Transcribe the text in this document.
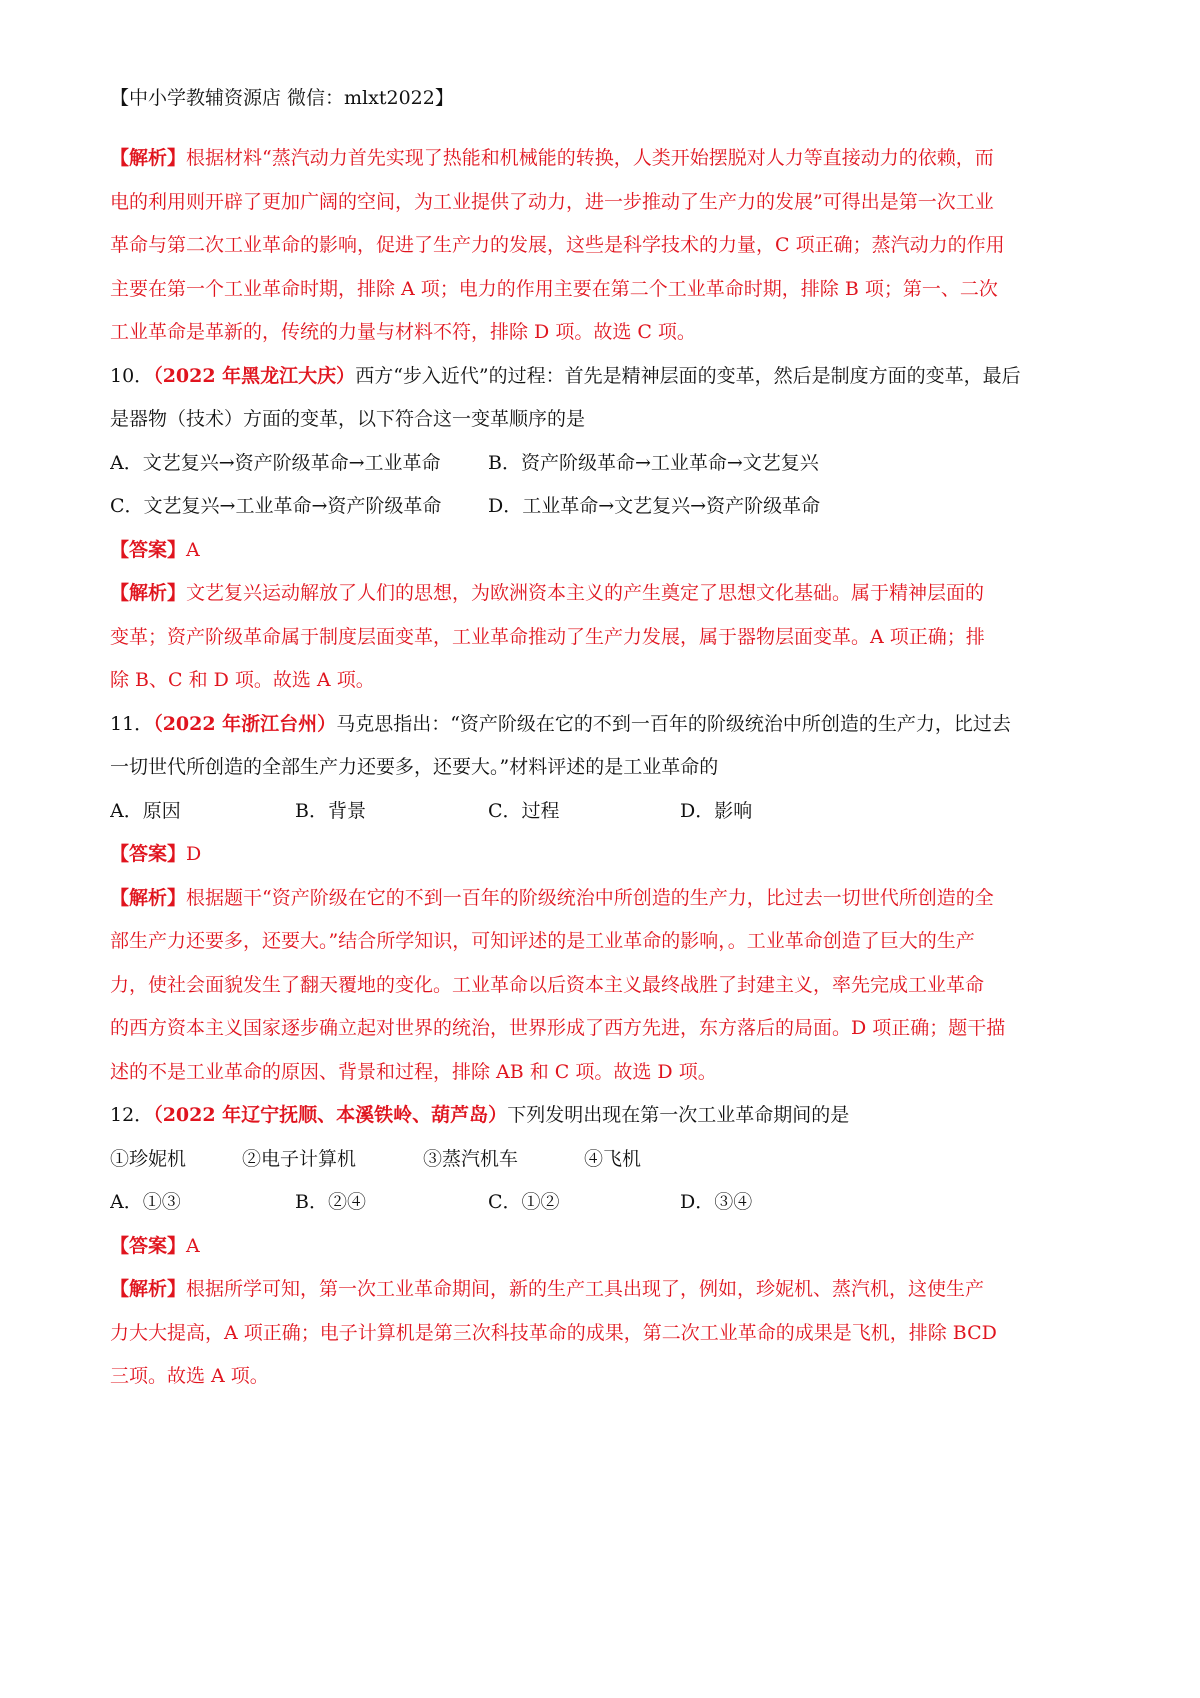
【中小学教辅资源店 微信：mlxt2022】
【解析】根据材料“蒸汽动力首先实现了热能和机械能的转换，人类开始摆脱对人力等直接动力的依赖，而
电的利用则开辟了更加广阔的空间，为工业提供了动力，进一步推动了生产力的发展”可得出是第一次工业
革命与第二次工业革命的影响，促进了生产力的发展，这些是科学技术的力量，C 项正确；蒸汽动力的作用
主要在第一个工业革命时期，排除 A 项；电力的作用主要在第二个工业革命时期，排除 B 项；第一、二次
工业革命是革新的，传统的力量与材料不符，排除 D 项。故选 C 项。
10．（2022 年黑龙江大庆）西方“步入近代”的过程：首先是精神层面的变革，然后是制度方面的变革，最后
是器物（技术）方面的变革，以下符合这一变革顺序的是
A．文艺复兴→资产阶级革命→工业革命 B．资产阶级革命→工业革命→文艺复兴
C．文艺复兴→工业革命→资产阶级革命 D．工业革命→文艺复兴→资产阶级革命
【答案】A
【解析】文艺复兴运动解放了人们的思想，为欧洲资本主义的产生奠定了思想文化基础。属于精神层面的
变革；资产阶级革命属于制度层面变革，工业革命推动了生产力发展，属于器物层面变革。A 项正确；排
除 B、C 和 D 项。故选 A 项。
11．（2022 年浙江台州）马克思指出：“资产阶级在它的不到一百年的阶级统治中所创造的生产力，比过去
一切世代所创造的全部生产力还要多，还要大。”材料评述的是工业革命的
A．原因	B．背景	C．过程	D．影响
【答案】D
【解析】根据题干“资产阶级在它的不到一百年的阶级统治中所创造的生产力，比过去一切世代所创造的全
部生产力还要多，还要大。”结合所学知识，可知评述的是工业革命的影响，。工业革命创造了巨大的生产
力，使社会面貌发生了翻天覆地的变化。工业革命以后资本主义最终战胜了封建主义，率先完成工业革命
的西方资本主义国家逐步确立起对世界的统治，世界形成了西方先进，东方落后的局面。D 项正确；题干描
述的不是工业革命的原因、背景和过程，排除 AB 和 C 项。故选 D 项。
12．（2022 年辽宁抚顺、本溪铁岭、葫芦岛）下列发明出现在第一次工业革命期间的是
①珍妮机	②电子计算机	③蒸汽机车	④飞机
A．①③	B．②④	C．①②	D．③④
【答案】A
【解析】根据所学可知，第一次工业革命期间，新的生产工具出现了，例如，珍妮机、蒸汽机，这使生产
力大大提高，A 项正确；电子计算机是第三次科技革命的成果，第二次工业革命的成果是飞机，排除 BCD
三项。故选 A 项。
